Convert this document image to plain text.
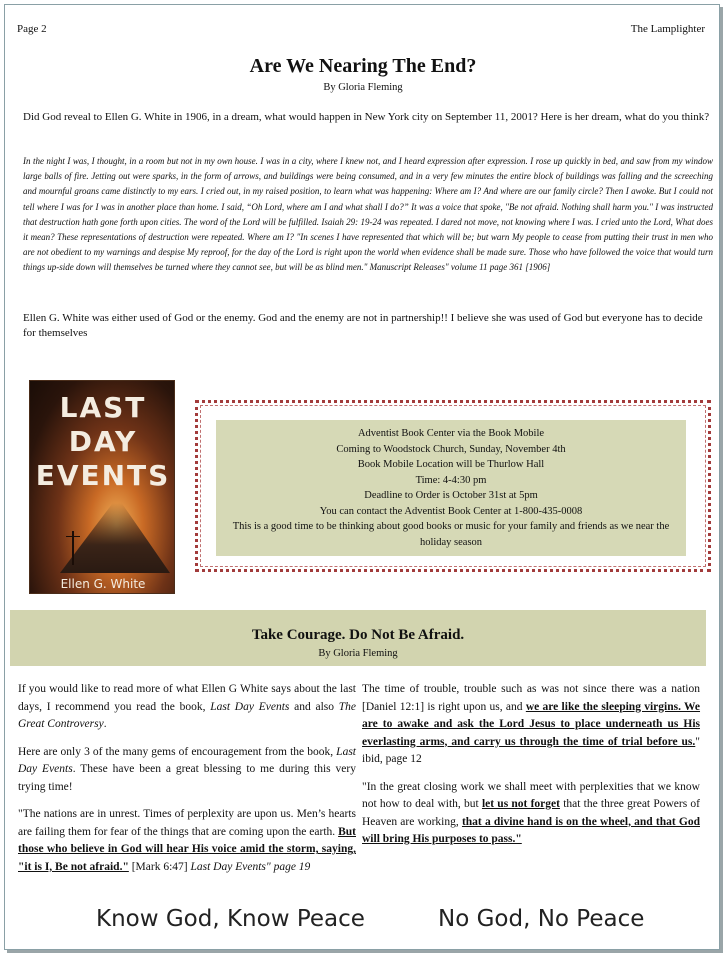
Page 2	The Lamplighter
Are We Nearing The End?
By Gloria Fleming
Did God reveal to Ellen G. White in 1906, in a dream, what would happen in New York city on September 11, 2001? Here is her dream, what do you think?
In the night I was, I thought, in a room but not in my own house. I was in a city, where I knew not, and I heard expression after expression. I rose up quickly in bed, and saw from my window large balls of fire. Jetting out were sparks, in the form of arrows, and buildings were being consumed, and in a very few minutes the entire block of buildings was falling and the screeching and mournful groans came distinctly to my ears. I cried out, in my raised position, to learn what was happening: Where am I? And where are our family circle? Then I awoke. But I could not tell where I was for I was in another place than home. I said, “Oh Lord, where am I and what shall I do?” It was a voice that spoke, "Be not afraid. Nothing shall harm you." I was instructed that destruction hath gone forth upon cities. The word of the Lord will be fulfilled. Isaiah 29: 19-24 was repeated. I dared not move, not knowing where I was. I cried unto the Lord, What does it mean? These representations of destruction were repeated. Where am I? "In scenes I have represented that which will be; but warn My people to cease from putting their trust in men who are not obedient to my warnings and despise My reproof, for the day of the Lord is right upon the world when evidence shall be made sure. Those who have followed the voice that would turn things up-side down will themselves be turned where they cannot see, but will be as blind men." Manuscript Releases" volume 11 page 361 [1906]
Ellen G. White was either used of God or the enemy. God and the enemy are not in partnership!! I believe she was used of God but everyone has to decide for themselves
LAST
DAY
EVENTS
Ellen G. White
Adventist Book Center via the Book Mobile
Coming to Woodstock Church, Sunday, November 4th
Book Mobile Location will be Thurlow Hall
Time: 4-4:30 pm
Deadline to Order is October 31st at 5pm
You can contact the Adventist Book Center at 1-800-435-0008
This is a good time to be thinking about good books or music for your family and friends as we near the holiday season
Take Courage. Do Not Be Afraid.
By Gloria Fleming

If you would like to read more of what Ellen G White says about the last days, I recommend you read the book, Last Day Events and also The Great Controversy.

Here are only 3 of the many gems of encouragement from the book, Last Day Events. These have been a great blessing to me during this very trying time!

"The nations are in unrest. Times of perplexity are upon us. Men’s hearts are failing them for fear of the things that are coming upon the earth. But those who believe in God will hear His voice amid the storm, saying, "it is I, Be not afraid." [Mark 6:47] Last Day Events" page 19

The time of trouble, trouble such as was not since there was a nation [Daniel 12:1] is right upon us, and we are like the sleeping virgins. We are to awake and ask the Lord Jesus to place underneath us His everlasting arms, and carry us through the time of trial before us." ibid, page 12

"In the great closing work we shall meet with perplexities that we know not how to deal with, but let us not forget that the three great Powers of Heaven are working, that a divine hand is on the wheel, and that God will bring His purposes to pass."

Know God, Know Peace	No God, No Peace
